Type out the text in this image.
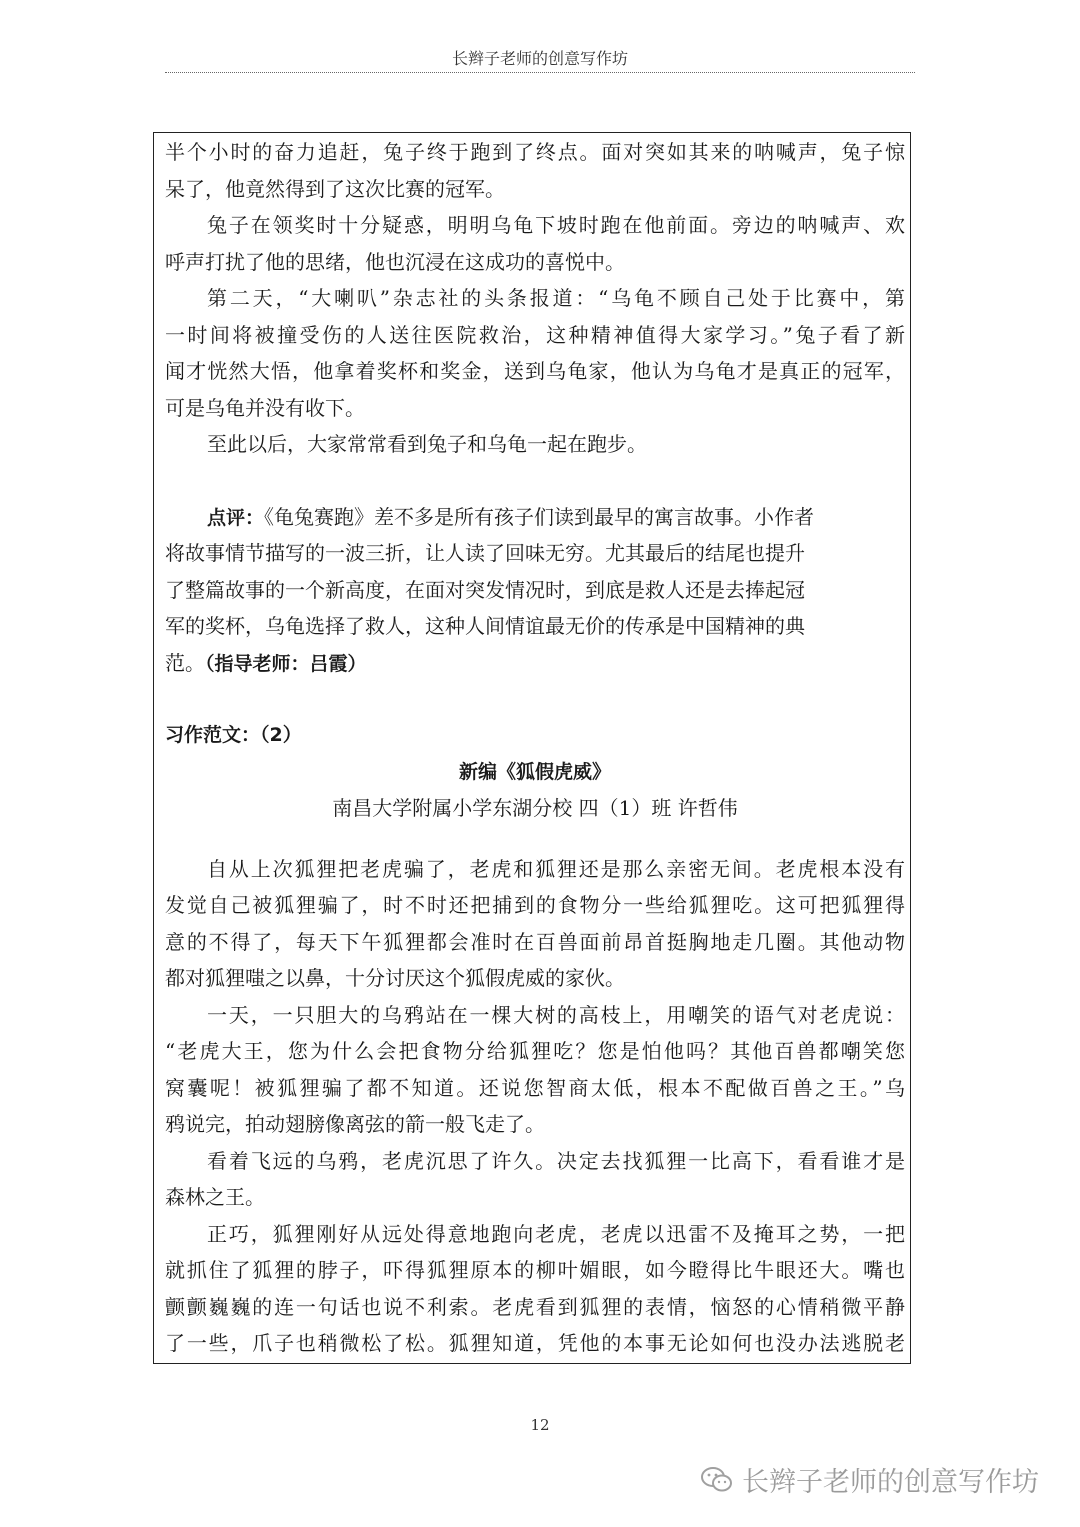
长辫子老师的创意写作坊
半个小时的奋力追赶，兔子终于跑到了终点。面对突如其来的呐喊声，兔子惊
呆了，他竟然得到了这次比赛的冠军。
兔子在领奖时十分疑惑，明明乌龟下坡时跑在他前面。旁边的呐喊声、欢
呼声打扰了他的思绪，他也沉浸在这成功的喜悦中。
第二天，“大喇叭”杂志社的头条报道：“乌龟不顾自己处于比赛中，第
一时间将被撞受伤的人送往医院救治，这种精神值得大家学习。”兔子看了新
闻才恍然大悟，他拿着奖杯和奖金，送到乌龟家，他认为乌龟才是真正的冠军，
可是乌龟并没有收下。
至此以后，大家常常看到兔子和乌龟一起在跑步。
点评：《龟兔赛跑》差不多是所有孩子们读到最早的寓言故事。小作者
将故事情节描写的一波三折，让人读了回味无穷。尤其最后的结尾也提升
了整篇故事的一个新高度，在面对突发情况时，到底是救人还是去捧起冠
军的奖杯，乌龟选择了救人，这种人间情谊最无价的传承是中国精神的典
范。（指导老师：吕霞）
习作范文：（2）
新编《狐假虎威》
南昌大学附属小学东湖分校 四（1）班 许哲伟
自从上次狐狸把老虎骗了，老虎和狐狸还是那么亲密无间。老虎根本没有
发觉自己被狐狸骗了，时不时还把捕到的食物分一些给狐狸吃。这可把狐狸得
意的不得了，每天下午狐狸都会准时在百兽面前昂首挺胸地走几圈。其他动物
都对狐狸嗤之以鼻，十分讨厌这个狐假虎威的家伙。
一天，一只胆大的乌鸦站在一棵大树的高枝上，用嘲笑的语气对老虎说：
“老虎大王，您为什么会把食物分给狐狸吃？您是怕他吗？其他百兽都嘲笑您
窝囊呢！被狐狸骗了都不知道。还说您智商太低，根本不配做百兽之王。”乌
鸦说完，拍动翅膀像离弦的箭一般飞走了。
看着飞远的乌鸦，老虎沉思了许久。决定去找狐狸一比高下，看看谁才是
森林之王。
正巧，狐狸刚好从远处得意地跑向老虎，老虎以迅雷不及掩耳之势，一把
就抓住了狐狸的脖子，吓得狐狸原本的柳叶媚眼，如今瞪得比牛眼还大。嘴也
颤颤巍巍的连一句话也说不利索。老虎看到狐狸的表情，恼怒的心情稍微平静
了一些，爪子也稍微松了松。狐狸知道，凭他的本事无论如何也没办法逃脱老
12
长辫子老师的创意写作坊
